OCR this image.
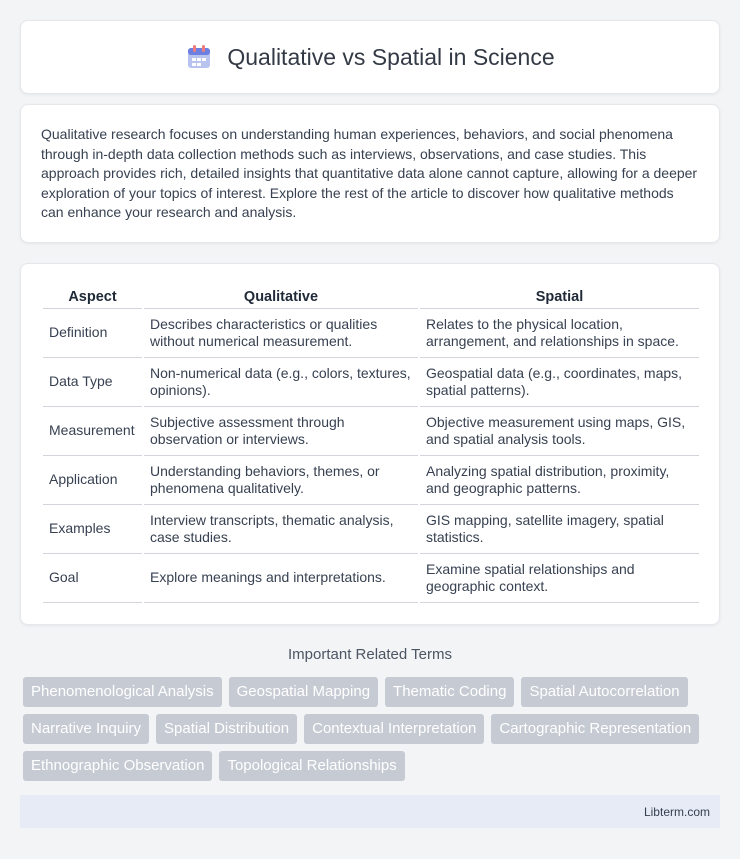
Qualitative vs Spatial in Science

Qualitative research focuses on understanding human experiences, behaviors, and social phenomena through in-depth data collection methods such as interviews, observations, and case studies. This approach provides rich, detailed insights that quantitative data alone cannot capture, allowing for a deeper exploration of your topics of interest. Explore the rest of the article to discover how qualitative methods can enhance your research and analysis.

Aspect	Qualitative	Spatial
Definition	Describes characteristics or qualities without numerical measurement.	Relates to the physical location, arrangement, and relationships in space.
Data Type	Non-numerical data (e.g., colors, textures, opinions).	Geospatial data (e.g., coordinates, maps, spatial patterns).
Measurement	Subjective assessment through observation or interviews.	Objective measurement using maps, GIS, and spatial analysis tools.
Application	Understanding behaviors, themes, or phenomena qualitatively.	Analyzing spatial distribution, proximity, and geographic patterns.
Examples	Interview transcripts, thematic analysis, case studies.	GIS mapping, satellite imagery, spatial statistics.
Goal	Explore meanings and interpretations.	Examine spatial relationships and geographic context.
Important Related Terms
Phenomenological Analysis	Geospatial Mapping	Thematic Coding	Spatial Autocorrelation
Narrative Inquiry	Spatial Distribution	Contextual Interpretation	Cartographic Representation
Ethnographic Observation	Topological Relationships
Libterm.com
